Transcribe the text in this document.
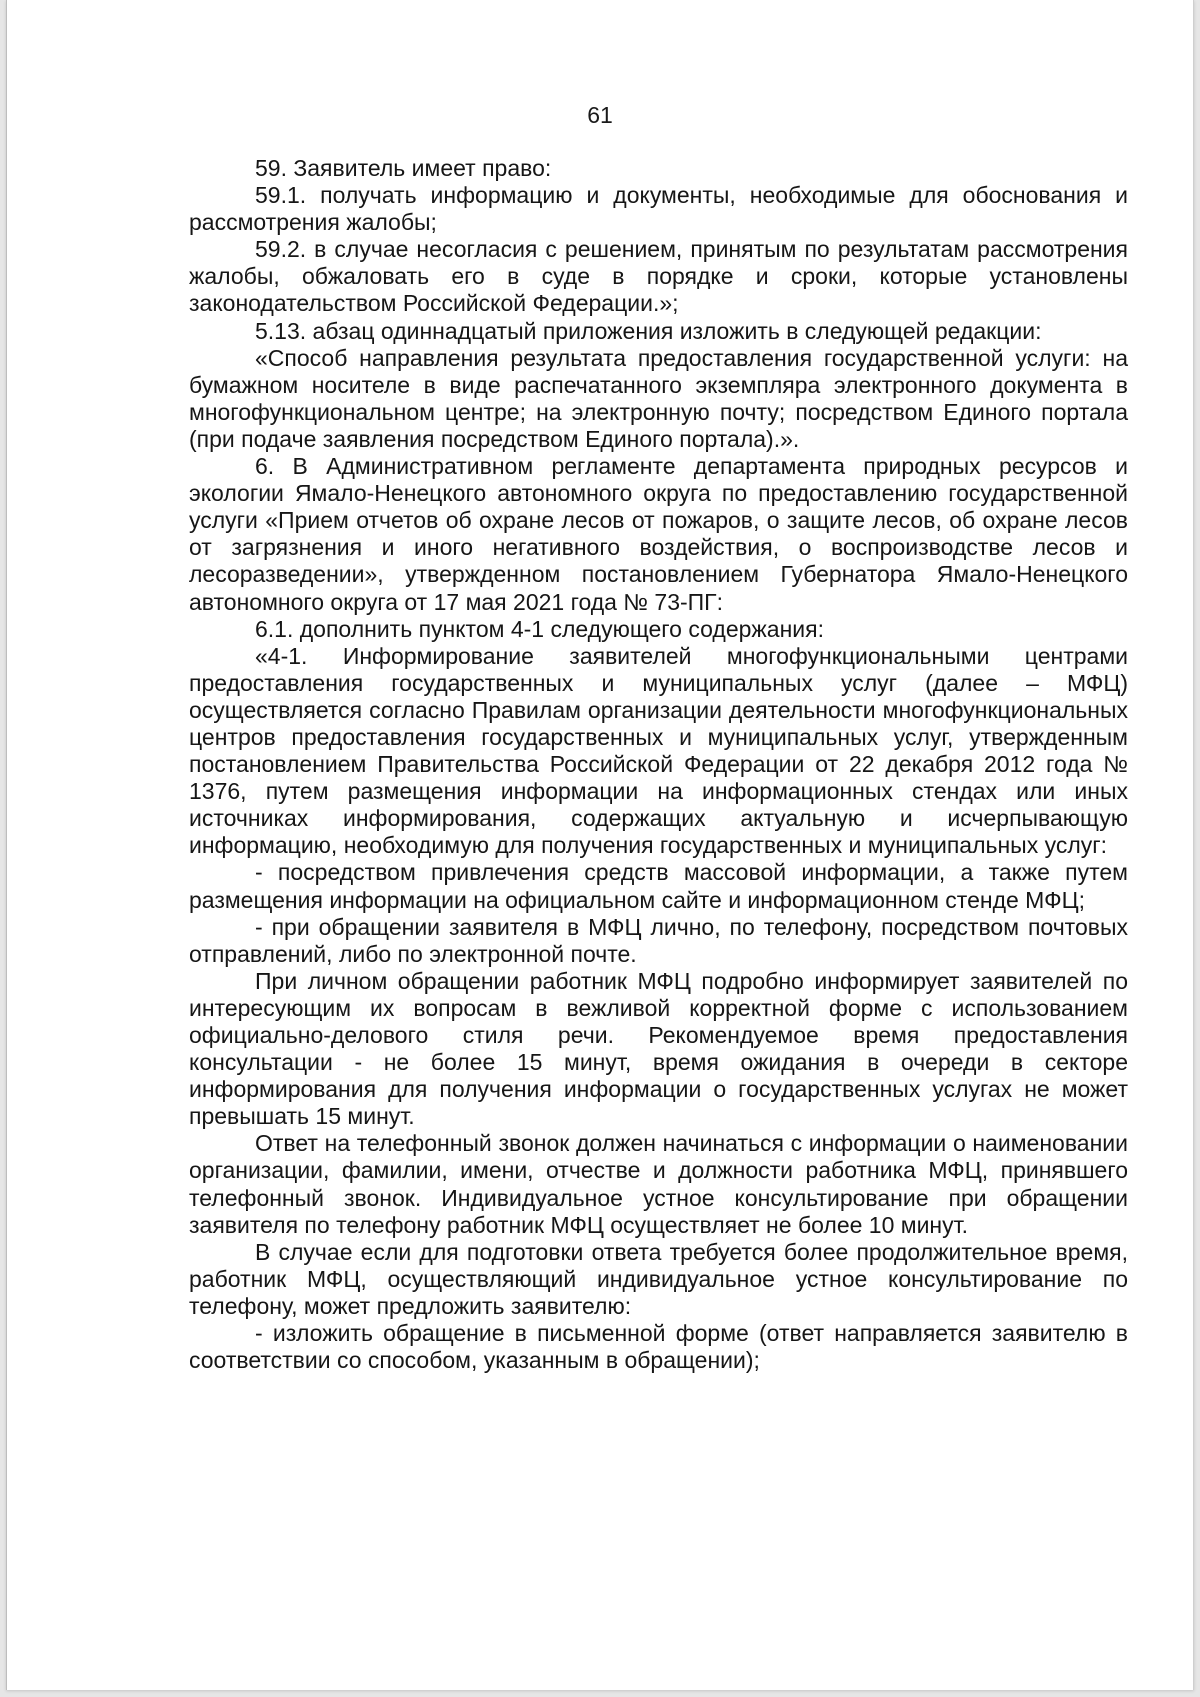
61

59. Заявитель имеет право:

59.1. получать информацию и документы, необходимые для обоснования и рассмотрения жалобы;

59.2. в случае несогласия с решением, принятым по результатам рассмотрения жалобы, обжаловать его в суде в порядке и сроки, которые установлены законодательством Российской Федерации.»;

5.13. абзац одиннадцатый приложения изложить в следующей редакции:

«Способ направления результата предоставления государственной услуги: на бумажном носителе в виде распечатанного экземпляра электронного документа в многофункциональном центре; на электронную почту; посредством Единого портала (при подаче заявления посредством Единого портала).».

6. В Административном регламенте департамента природных ресурсов и экологии Ямало-Ненецкого автономного округа по предоставлению государственной услуги «Прием отчетов об охране лесов от пожаров, о защите лесов, об охране лесов от загрязнения и иного негативного воздействия, о воспроизводстве лесов и лесоразведении», утвержденном постановлением Губернатора Ямало-Ненецкого автономного округа от 17 мая 2021 года № 73-ПГ:

6.1. дополнить пунктом 4-1 следующего содержания:

«4-1. Информирование заявителей многофункциональными центрами предоставления государственных и муниципальных услуг (далее – МФЦ) осуществляется согласно Правилам организации деятельности многофункциональных центров предоставления государственных и муниципальных услуг, утвержденным постановлением Правительства Российской Федерации от 22 декабря 2012 года № 1376, путем размещения информации на информационных стендах или иных источниках информирования, содержащих актуальную и исчерпывающую информацию, необходимую для получения государственных и муниципальных услуг:

- посредством привлечения средств массовой информации, а также путем размещения информации на официальном сайте и информационном стенде МФЦ;

- при обращении заявителя в МФЦ лично, по телефону, посредством почтовых отправлений, либо по электронной почте.

При личном обращении работник МФЦ подробно информирует заявителей по интересующим их вопросам в вежливой корректной форме с использованием официально-делового стиля речи. Рекомендуемое время предоставления консультации - не более 15 минут, время ожидания в очереди в секторе информирования для получения информации о государственных услугах не может превышать 15 минут.

Ответ на телефонный звонок должен начинаться с информации о наименовании организации, фамилии, имени, отчестве и должности работника МФЦ, принявшего телефонный звонок. Индивидуальное устное консультирование при обращении заявителя по телефону работник МФЦ осуществляет не более 10 минут.

В случае если для подготовки ответа требуется более продолжительное время, работник МФЦ, осуществляющий индивидуальное устное консультирование по телефону, может предложить заявителю:

- изложить обращение в письменной форме (ответ направляется заявителю в соответствии со способом, указанным в обращении);
